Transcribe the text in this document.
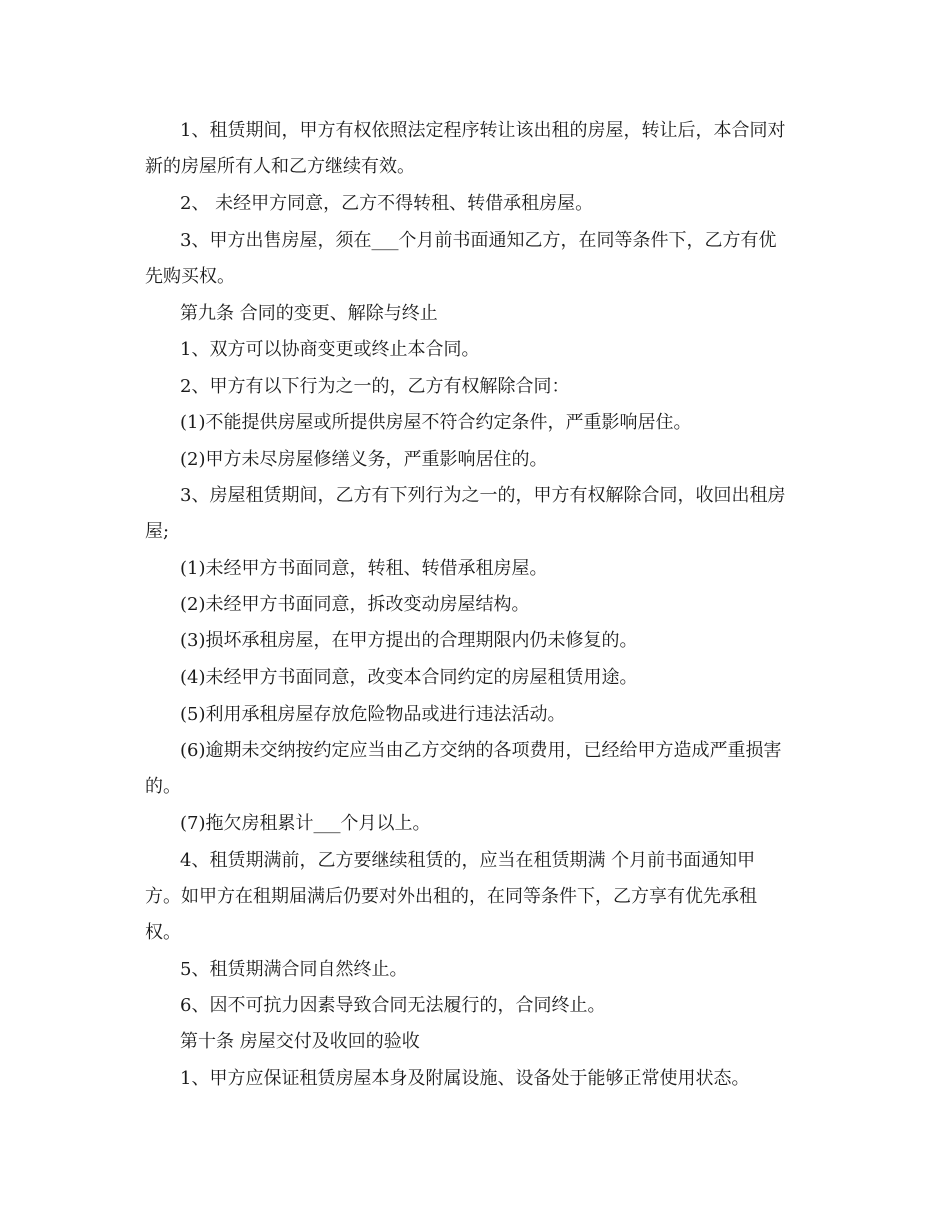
1、租赁期间，甲方有权依照法定程序转让该出租的房屋，转让后，本合同对
新的房屋所有人和乙方继续有效。
2、 未经甲方同意，乙方不得转租、转借承租房屋。
3、甲方出售房屋，须在___个月前书面通知乙方，在同等条件下，乙方有优
先购买权。
第九条 合同的变更、解除与终止
1、双方可以协商变更或终止本合同。
2、甲方有以下行为之一的，乙方有权解除合同：
(1)不能提供房屋或所提供房屋不符合约定条件，严重影响居住。
(2)甲方未尽房屋修缮义务，严重影响居住的。
3、房屋租赁期间，乙方有下列行为之一的，甲方有权解除合同，收回出租房
屋;
(1)未经甲方书面同意，转租、转借承租房屋。
(2)未经甲方书面同意，拆改变动房屋结构。
(3)损坏承租房屋，在甲方提出的合理期限内仍未修复的。
(4)未经甲方书面同意，改变本合同约定的房屋租赁用途。
(5)利用承租房屋存放危险物品或进行违法活动。
(6)逾期未交纳按约定应当由乙方交纳的各项费用，已经给甲方造成严重损害
的。
(7)拖欠房租累计___个月以上。
4、租赁期满前，乙方要继续租赁的，应当在租赁期满 个月前书面通知甲
方。如甲方在租期届满后仍要对外出租的，在同等条件下，乙方享有优先承租
权。
5、租赁期满合同自然终止。
6、因不可抗力因素导致合同无法履行的，合同终止。
第十条 房屋交付及收回的验收
1、甲方应保证租赁房屋本身及附属设施、设备处于能够正常使用状态。
